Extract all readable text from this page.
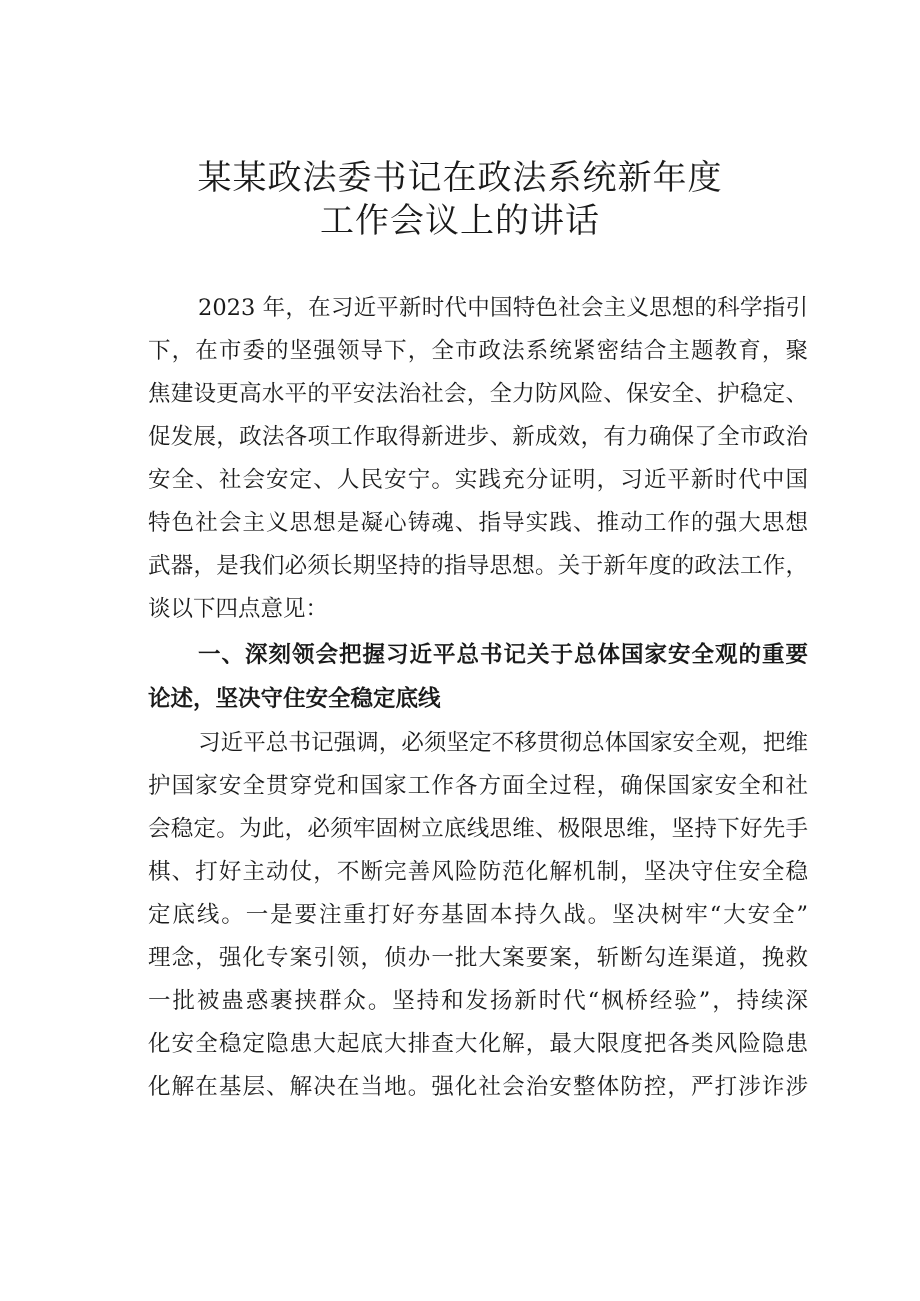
某某政法委书记在政法系统新年度
工作会议上的讲话
2023 年，在习近平新时代中国特色社会主义思想的科学指引
下，在市委的坚强领导下，全市政法系统紧密结合主题教育，聚
焦建设更高水平的平安法治社会，全力防风险、保安全、护稳定、
促发展，政法各项工作取得新进步、新成效，有力确保了全市政治
安全、社会安定、人民安宁。实践充分证明，习近平新时代中国
特色社会主义思想是凝心铸魂、指导实践、推动工作的强大思想
武器，是我们必须长期坚持的指导思想。关于新年度的政法工作，
谈以下四点意见：
一、深刻领会把握习近平总书记关于总体国家安全观的重要
论述，坚决守住安全稳定底线
习近平总书记强调，必须坚定不移贯彻总体国家安全观，把维
护国家安全贯穿党和国家工作各方面全过程，确保国家安全和社
会稳定。为此，必须牢固树立底线思维、极限思维，坚持下好先手
棋、打好主动仗，不断完善风险防范化解机制，坚决守住安全稳
定底线。一是要注重打好夯基固本持久战。坚决树牢“大安全”
理念，强化专案引领，侦办一批大案要案，斩断勾连渠道，挽救
一批被蛊惑裹挟群众。坚持和发扬新时代“枫桥经验”，持续深
化安全稳定隐患大起底大排查大化解，最大限度把各类风险隐患
化解在基层、解决在当地。强化社会治安整体防控，严打涉诈涉
